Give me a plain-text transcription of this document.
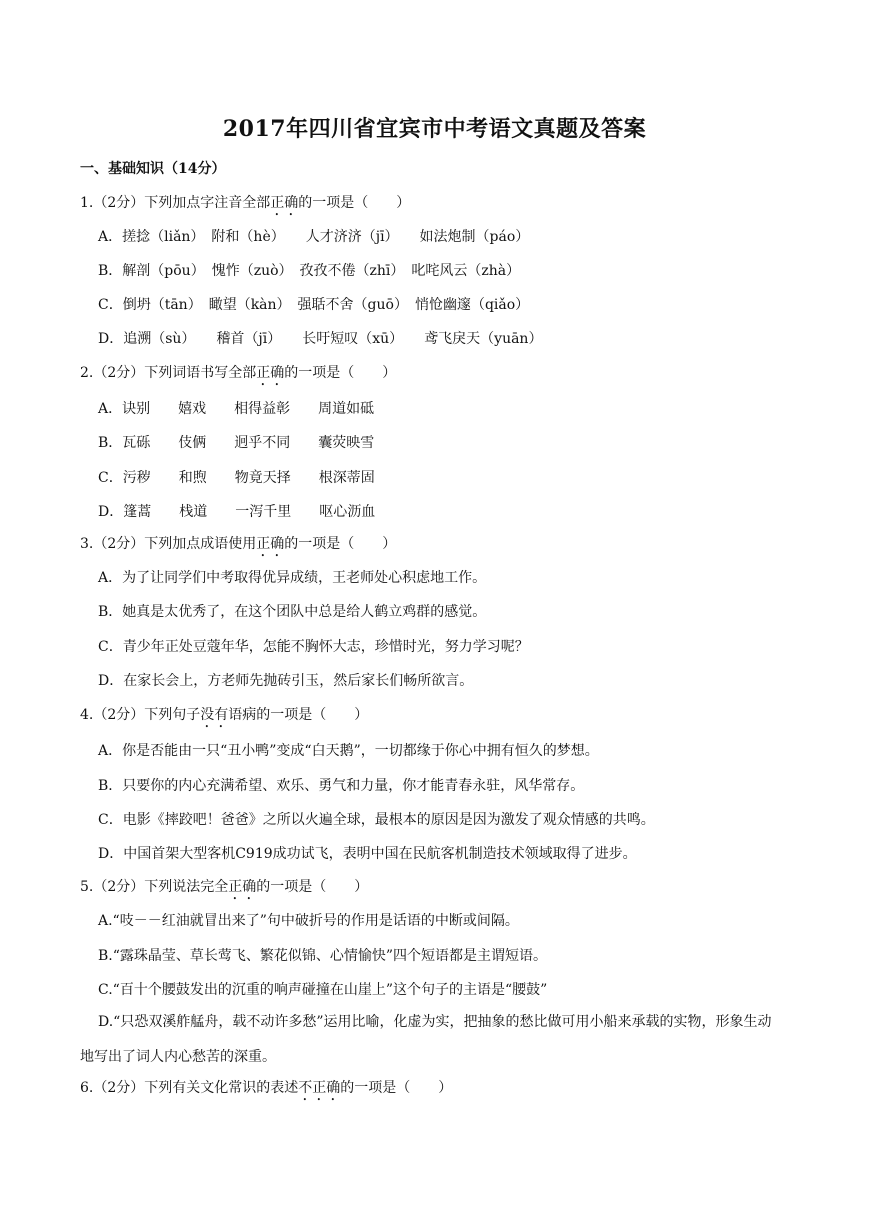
2017年四川省宜宾市中考语文真题及答案
一、基础知识（14分）
1.（2分）下列加点字注音全部正确的一项是（　　）
A．搓捻（liǎn）　附和（hè）　　人才济济（jī）　　如法炮制（páo）
B．解剖（pōu）　愧怍（zuò）　孜孜不倦（zhī）　叱咤风云（zhà）
C．倒坍（tān）　瞰望（kàn）　强聒不舍（guō）　悄怆幽邃（qiǎo）
D．追溯（sù）　　稽首（jī）　　长吁短叹（xū）　　鸢飞戾天（yuān）
2.（2分）下列词语书写全部正确的一项是（　　）
A．诀别　　嬉戏　　相得益彰　　周道如砥
B．瓦砾　　伎俩　　迥乎不同　　囊荧映雪
C．污秽　　和煦　　物竟天择　　根深蒂固
D．篷蒿　　栈道　　一泻千里　　呕心沥血
3.（2分）下列加点成语使用正确的一项是（　　）
A．为了让同学们中考取得优异成绩，王老师处心积虑地工作。
B．她真是太优秀了，在这个团队中总是给人鹤立鸡群的感觉。
C．青少年正处豆蔻年华，怎能不胸怀大志，珍惜时光，努力学习呢？
D．在家长会上，方老师先抛砖引玉，然后家长们畅所欲言。
4.（2分）下列句子没有语病的一项是（　　）
A．你是否能由一只“丑小鸭”变成“白天鹅”，一切都缘于你心中拥有恒久的梦想。
B．只要你的内心充满希望、欢乐、勇气和力量，你才能青春永驻，风华常存。
C．电影《摔跤吧！爸爸》之所以火遍全球，最根本的原因是因为激发了观众情感的共鸣。
D．中国首架大型客机C919成功试飞，表明中国在民航客机制造技术领域取得了进步。
5.（2分）下列说法完全正确的一项是（　　）
A.“吱－－红油就冒出来了”句中破折号的作用是话语的中断或间隔。
B.“露珠晶莹、草长莺飞、繁花似锦、心情愉快”四个短语都是主谓短语。
C.“百十个腰鼓发出的沉重的响声碰撞在山崖上”这个句子的主语是“腰鼓”
D.“只恐双溪舴艋舟，载不动许多愁”运用比喻，化虚为实，把抽象的愁比做可用小船来承载的实物，形象生动地写出了词人内心愁苦的深重。
6.（2分）下列有关文化常识的表述不正确的一项是（　　）
